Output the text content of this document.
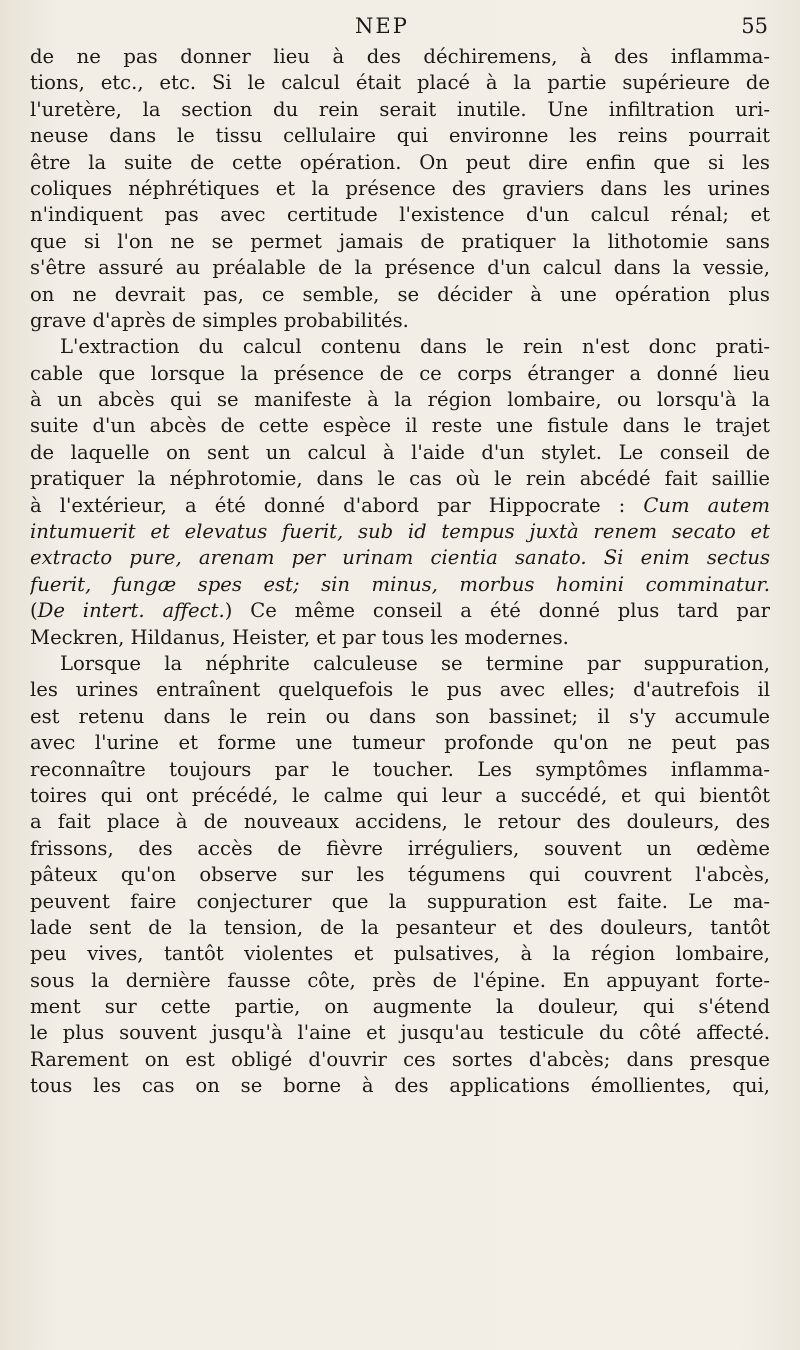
NEP	55
de ne pas donner lieu à des déchiremens, à des inflamma-
tions, etc., etc. Si le calcul était placé à la partie supérieure de
l'uretère, la section du rein serait inutile. Une infiltration uri-
neuse dans le tissu cellulaire qui environne les reins pourrait
être la suite de cette opération. On peut dire enfin que si les
coliques néphrétiques et la présence des graviers dans les urines
n'indiquent pas avec certitude l'existence d'un calcul rénal; et
que si l'on ne se permet jamais de pratiquer la lithotomie sans
s'être assuré au préalable de la présence d'un calcul dans la vessie,
on ne devrait pas, ce semble, se décider à une opération plus
grave d'après de simples probabilités.
L'extraction du calcul contenu dans le rein n'est donc prati-
cable que lorsque la présence de ce corps étranger a donné lieu
à un abcès qui se manifeste à la région lombaire, ou lorsqu'à la
suite d'un abcès de cette espèce il reste une fistule dans le trajet
de laquelle on sent un calcul à l'aide d'un stylet. Le conseil de
pratiquer la néphrotomie, dans le cas où le rein abcédé fait saillie
à l'extérieur, a été donné d'abord par Hippocrate : Cum autem
intumuerit et elevatus fuerit, sub id tempus juxtà renem secato et
extracto pure, arenam per urinam cientia sanato. Si enim sectus
fuerit, fungæ spes est; sin minus, morbus homini comminatur.
(De intert. affect.) Ce même conseil a été donné plus tard par
Meckren, Hildanus, Heister, et par tous les modernes.
Lorsque la néphrite calculeuse se termine par suppuration,
les urines entraînent quelquefois le pus avec elles; d'autrefois il
est retenu dans le rein ou dans son bassinet; il s'y accumule
avec l'urine et forme une tumeur profonde qu'on ne peut pas
reconnaître toujours par le toucher. Les symptômes inflamma-
toires qui ont précédé, le calme qui leur a succédé, et qui bientôt
a fait place à de nouveaux accidens, le retour des douleurs, des
frissons, des accès de fièvre irréguliers, souvent un œdème
pâteux qu'on observe sur les tégumens qui couvrent l'abcès,
peuvent faire conjecturer que la suppuration est faite. Le ma-
lade sent de la tension, de la pesanteur et des douleurs, tantôt
peu vives, tantôt violentes et pulsatives, à la région lombaire,
sous la dernière fausse côte, près de l'épine. En appuyant forte-
ment sur cette partie, on augmente la douleur, qui s'étend
le plus souvent jusqu'à l'aine et jusqu'au testicule du côté affecté.
Rarement on est obligé d'ouvrir ces sortes d'abcès; dans presque
tous les cas on se borne à des applications émollientes, qui,
